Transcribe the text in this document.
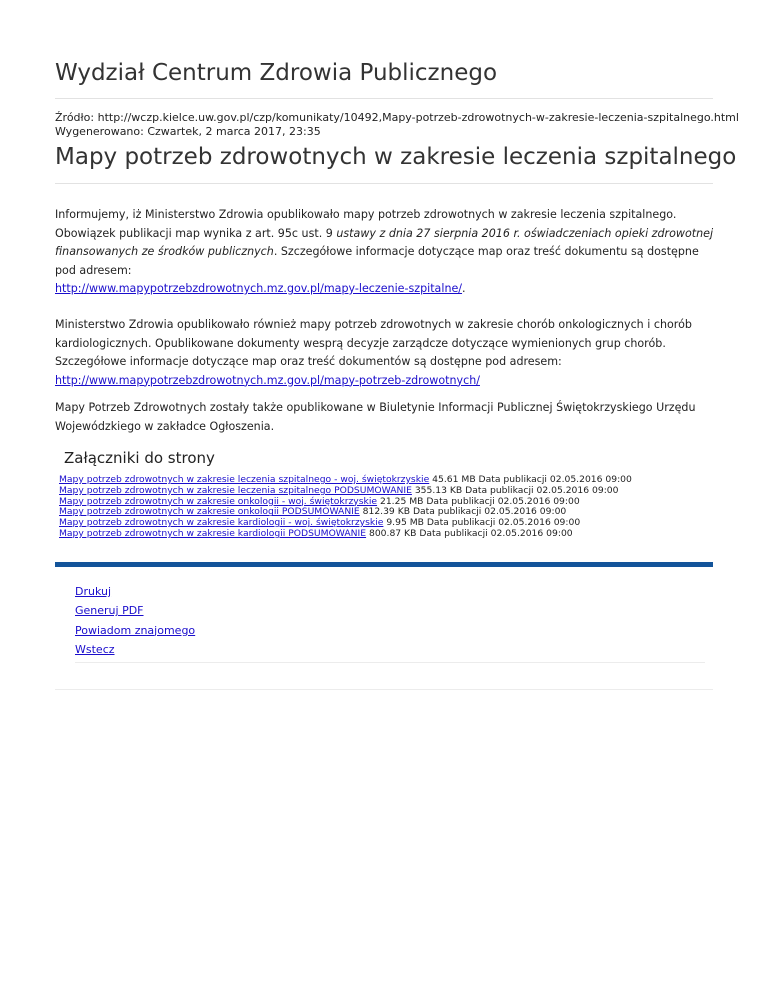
Wydział Centrum Zdrowia Publicznego
Źródło: http://wczp.kielce.uw.gov.pl/czp/komunikaty/10492,Mapy-potrzeb-zdrowotnych-w-zakresie-leczenia-szpitalnego.html
Wygenerowano: Czwartek, 2 marca 2017, 23:35
Mapy potrzeb zdrowotnych w zakresie leczenia szpitalnego
Informujemy, iż Ministerstwo Zdrowia opublikowało mapy potrzeb zdrowotnych w zakresie leczenia szpitalnego. Obowiązek publikacji map wynika z art. 95c ust. 9 ustawy z dnia 27 sierpnia 2016 r. oświadczeniach opieki zdrowotnej finansowanych ze środków publicznych. Szczegółowe informacje dotyczące map oraz treść dokumentu są dostępne pod adresem:
http://www.mapypotrzebzdrowotnych.mz.gov.pl/mapy-leczenie-szpitalne/.
Ministerstwo Zdrowia opublikowało również mapy potrzeb zdrowotnych w zakresie chorób onkologicznych i chorób kardiologicznych. Opublikowane dokumenty wesprą decyzje zarządcze dotyczące wymienionych grup chorób. Szczegółowe informacje dotyczące map oraz treść dokumentów są dostępne pod adresem:
http://www.mapypotrzebzdrowotnych.mz.gov.pl/mapy-potrzeb-zdrowotnych/
Mapy Potrzeb Zdrowotnych zostały także opublikowane w Biuletynie Informacji Publicznej Świętokrzyskiego Urzędu Wojewódzkiego w zakładce Ogłoszenia.
Załączniki do strony
Mapy potrzeb zdrowotnych w zakresie leczenia szpitalnego - woj. świętokrzyskie 45.61 MB Data publikacji 02.05.2016 09:00
Mapy potrzeb zdrowotnych w zakresie leczenia szpitalnego PODSUMOWANIE 355.13 KB Data publikacji 02.05.2016 09:00
Mapy potrzeb zdrowotnych w zakresie onkologii - woj. świętokrzyskie 21.25 MB Data publikacji 02.05.2016 09:00
Mapy potrzeb zdrowotnych w zakresie onkologii PODSUMOWANIE 812.39 KB Data publikacji 02.05.2016 09:00
Mapy potrzeb zdrowotnych w zakresie kardiologii - woj. świętokrzyskie 9.95 MB Data publikacji 02.05.2016 09:00
Mapy potrzeb zdrowotnych w zakresie kardiologii PODSUMOWANIE 800.87 KB Data publikacji 02.05.2016 09:00
Drukuj
Generuj PDF
Powiadom znajomego
Wstecz
